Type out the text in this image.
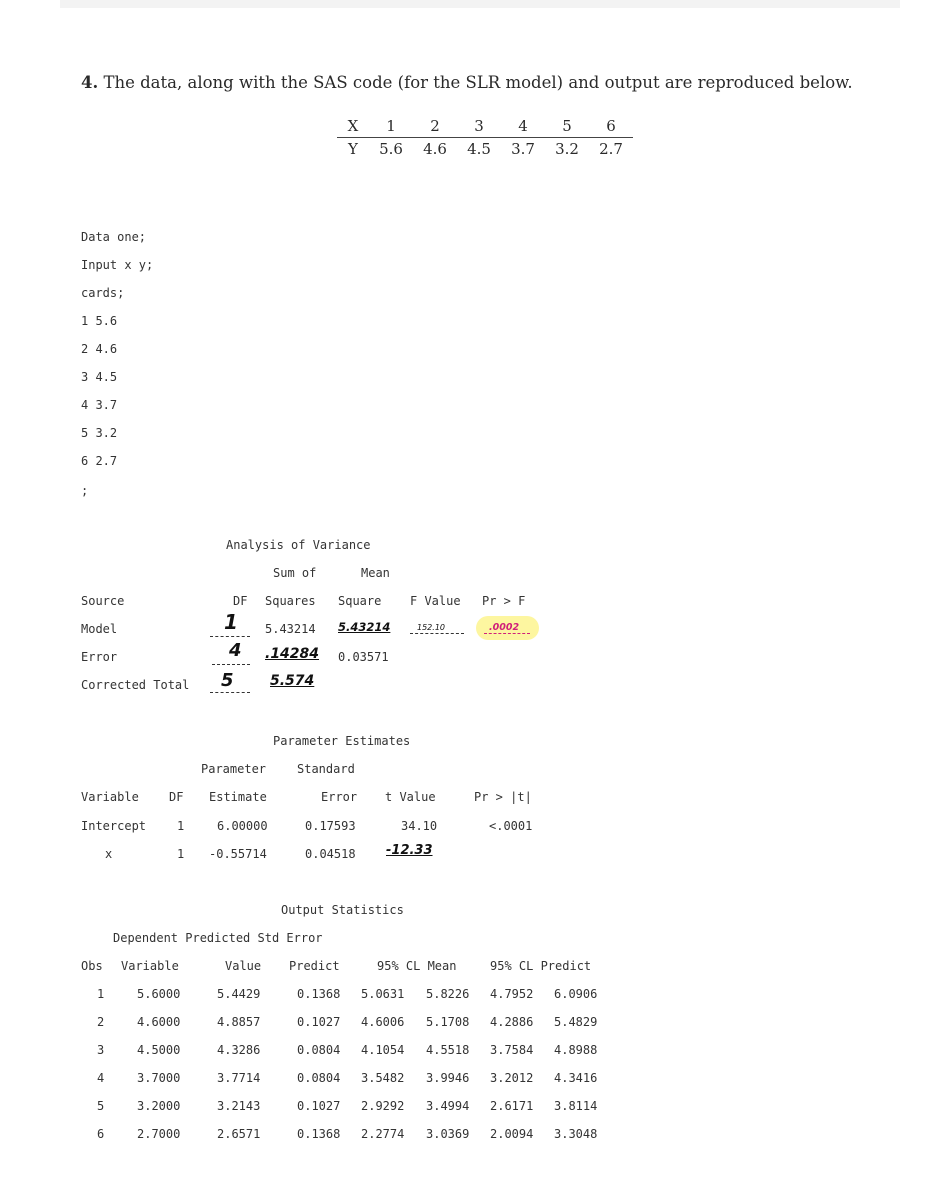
4. The data, along with the SAS code (for the SLR model) and output are reproduced below.
X	1	2	3	4	5	6
Y	5.6	4.6	4.5	3.7	3.2	2.7
Data one;
Input x y;
cards;
1 5.6
2 4.6
3 4.5
4 3.7
5 3.2
6 2.7
;
Analysis of Variance
Sum of	Mean
Source	DF Squares Square F Value Pr > F
Model	1 5.43214 5.43214	152.10	.0002
Error	4 .14284 0.03571
Corrected Total 5	5.574
Parameter Estimates
Parameter	Standard
Variable	DF Estimate	Error t Value	Pr > |t|
Intercept	1	6.00000	0.17593	34.10	<.0001
x	1 -0.55714	0.04518 -12.33
Output Statistics
Dependent Predicted Std Error
Obs Variable	Value Predict	95% CL Mean	95% CL Predict
1	5.6000	5.4429	0.1368 5.0631 5.8226 4.7952 6.0906
2	4.6000	4.8857	0.1027 4.6006 5.1708 4.2886 5.4829
3	4.5000	4.3286	0.0804 4.1054 4.5518 3.7584 4.8988
4	3.7000	3.7714	0.0804 3.5482 3.9946 3.2012 4.3416
5	3.2000	3.2143	0.1027 2.9292 3.4994 2.6171 3.8114
6	2.7000	2.6571	0.1368 2.2774 3.0369 2.0094 3.3048
